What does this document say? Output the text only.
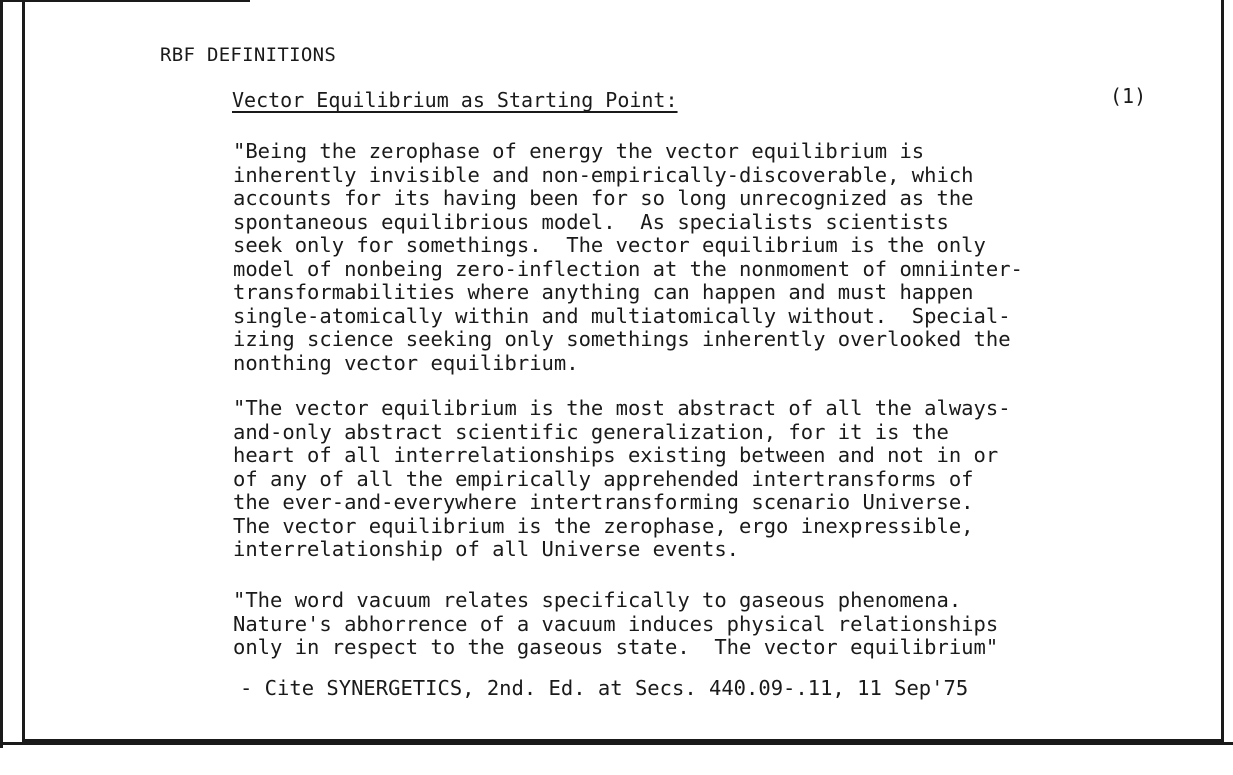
RBF DEFINITIONS
Vector Equilibrium as Starting Point:	(1)
"Being the zerophase of energy the vector equilibrium is
inherently invisible and non-empirically-discoverable, which
accounts for its having been for so long unrecognized as the
spontaneous equilibrious model.  As specialists scientists
seek only for somethings.  The vector equilibrium is the only
model of nonbeing zero-inflection at the nonmoment of omniinter-
transformabilities where anything can happen and must happen
single-atomically within and multiatomically without.  Special-
izing science seeking only somethings inherently overlooked the
nonthing vector equilibrium.
"The vector equilibrium is the most abstract of all the always-
and-only abstract scientific generalization, for it is the
heart of all interrelationships existing between and not in or
of any of all the empirically apprehended intertransforms of
the ever-and-everywhere intertransforming scenario Universe.
The vector equilibrium is the zerophase, ergo inexpressible,
interrelationship of all Universe events.
"The word vacuum relates specifically to gaseous phenomena.
Nature's abhorrence of a vacuum induces physical relationships
only in respect to the gaseous state.  The vector equilibrium"
- Cite SYNERGETICS, 2nd. Ed. at Secs. 440.09-.11, 11 Sep'75
